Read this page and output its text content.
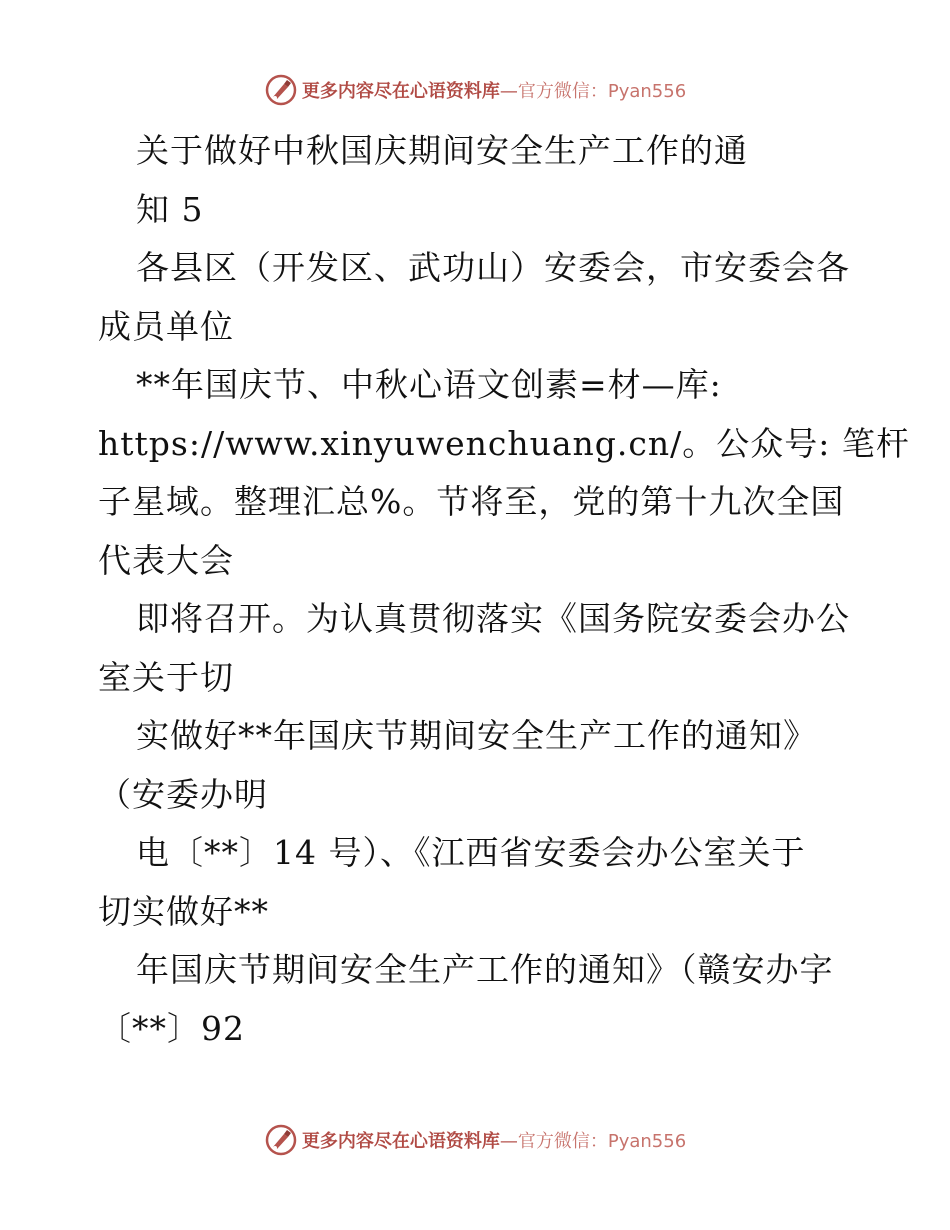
更多内容尽在心语资料库—官方微信：Pyan556
关于做好中秋国庆期间安全生产工作的通
知 5
各县区（开发区、武功山）安委会，市安委会各
成员单位
**年国庆节、中秋心语文创素=材—库:
https://www.xinyuwenchuang.cn/。公众号: 笔杆
子星域。整理汇总%。节将至，党的第十九次全国
代表大会
即将召开。为认真贯彻落实《国务院安委会办公
室关于切
实做好**年国庆节期间安全生产工作的通知》
（安委办明
电〔**〕14 号）、《江西省安委会办公室关于
切实做好**
年国庆节期间安全生产工作的通知》（赣安办字
〔**〕92
更多内容尽在心语资料库—官方微信：Pyan556
